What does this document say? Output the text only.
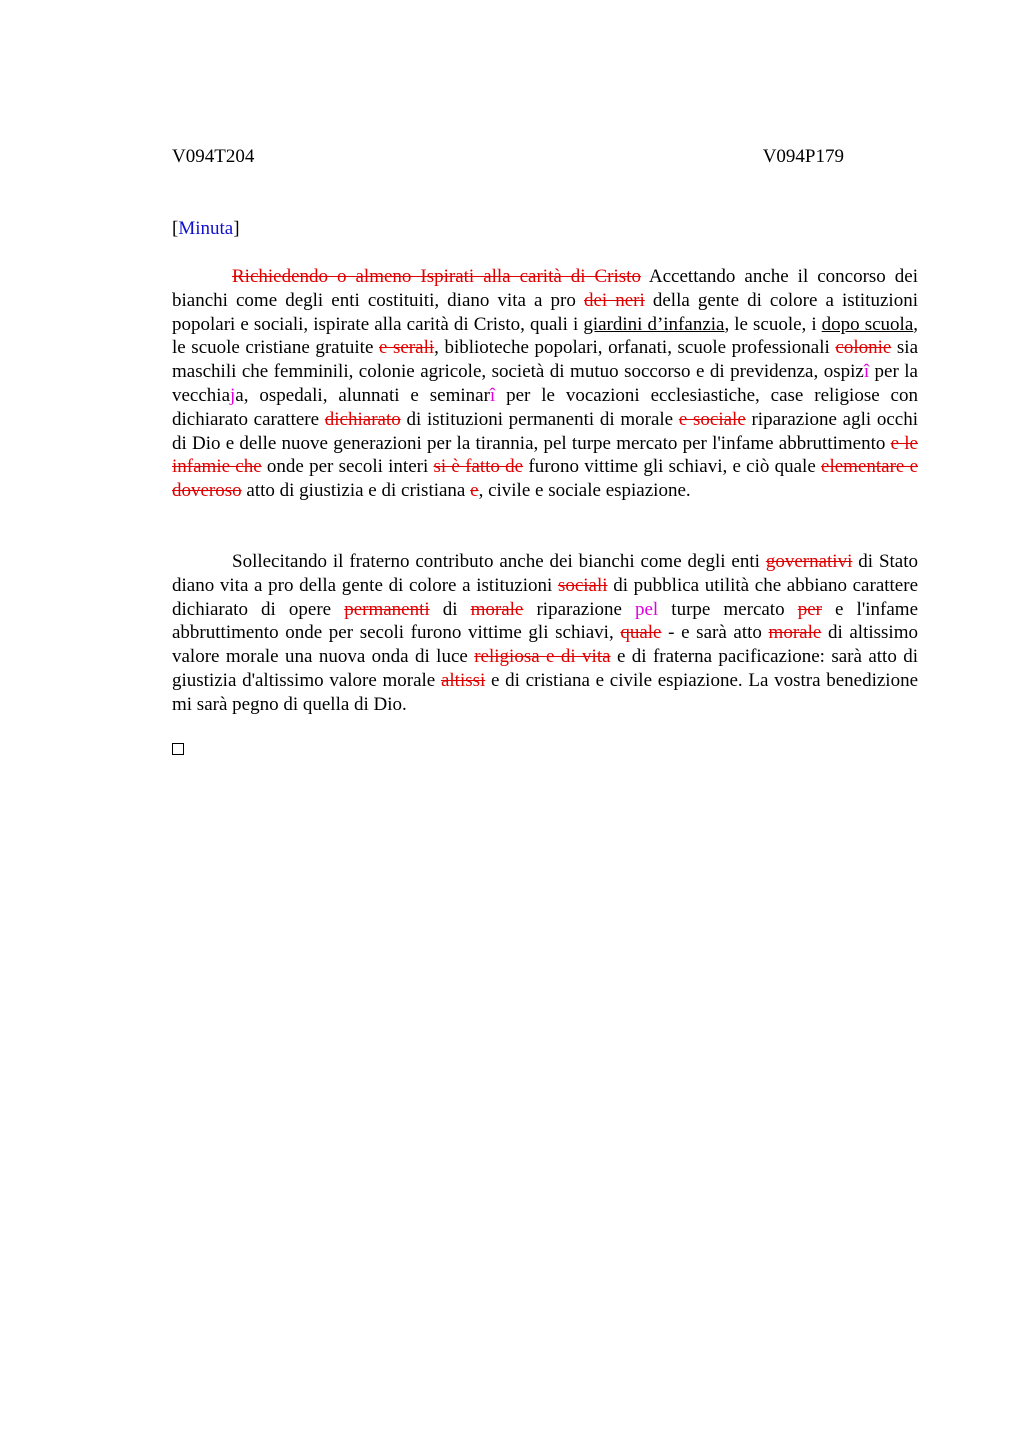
V094T204	V094P179
[Minuta]
Richiedendo o almeno Ispirati alla carità di Cristo Accettando anche il concorso dei bianchi come degli enti costituiti, diano vita a pro dei neri della gente di colore a istituzioni popolari e sociali, ispirate alla carità di Cristo, quali i giardini d’infanzia, le scuole, i dopo scuola, le scuole cristiane gratuite e serali, biblioteche popolari, orfanati, scuole professionali colonie sia maschili che femminili, colonie agricole, società di mutuo soccorso e di previdenza, ospizî per la vecchiaja, ospedali, alunnati e seminarî per le vocazioni ecclesiastiche, case religiose con dichiarato carattere dichiarato di istituzioni permanenti di morale e sociale riparazione agli occhi di Dio e delle nuove generazioni per la tirannia, pel turpe mercato per l'infame abbruttimento e le infamie che onde per secoli interi si è fatto de furono vittime gli schiavi, e ciò quale elementare e doveroso atto di giustizia e di cristiana e, civile e sociale espiazione.
Sollecitando il fraterno contributo anche dei bianchi come degli enti governativi di Stato diano vita a pro della gente di colore a istituzioni sociali di pubblica utilità che abbiano carattere dichiarato di opere permanenti di morale riparazione pel turpe mercato per e l'infame abbruttimento onde per secoli furono vittime gli schiavi, quale - e sarà atto morale di altissimo valore morale una nuova onda di luce religiosa e di vita e di fraterna pacificazione: sarà atto di giustizia d'altissimo valore morale altissi e di cristiana e civile espiazione. La vostra benedizione mi sarà pegno di quella di Dio.
